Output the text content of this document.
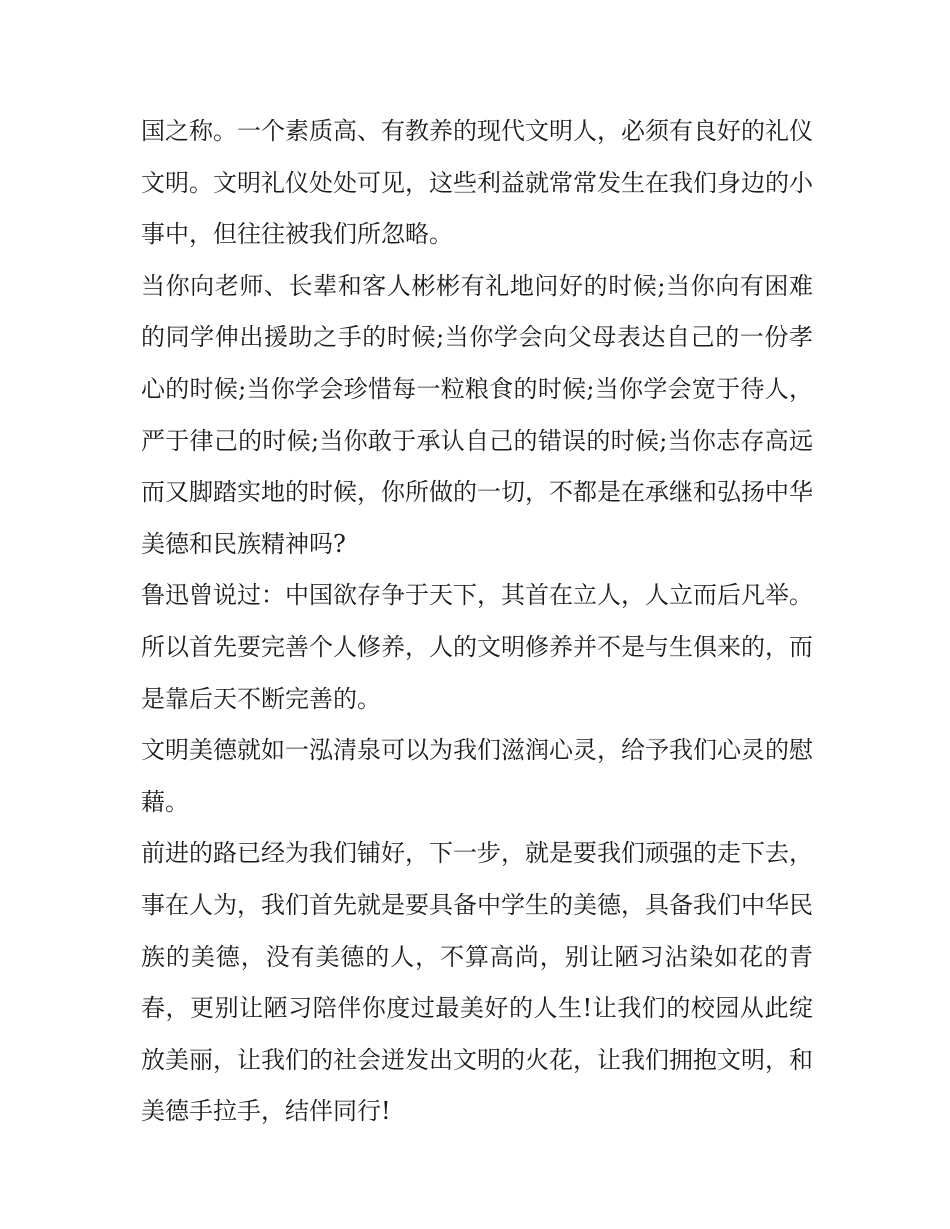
国之称。一个素质高、有教养的现代文明人，必须有良好的礼仪文明。文明礼仪处处可见，这些利益就常常发生在我们身边的小事中，但往往被我们所忽略。

当你向老师、长辈和客人彬彬有礼地问好的时候;当你向有困难的同学伸出援助之手的时候;当你学会向父母表达自己的一份孝心的时候;当你学会珍惜每一粒粮食的时候;当你学会宽于待人，严于律己的时候;当你敢于承认自己的错误的时候;当你志存高远而又脚踏实地的时候，你所做的一切，不都是在承继和弘扬中华美德和民族精神吗?

鲁迅曾说过：中国欲存争于天下，其首在立人，人立而后凡举。所以首先要完善个人修养，人的文明修养并不是与生俱来的，而是靠后天不断完善的。

文明美德就如一泓清泉可以为我们滋润心灵，给予我们心灵的慰藉。

前进的路已经为我们铺好，下一步，就是要我们顽强的走下去，事在人为，我们首先就是要具备中学生的美德，具备我们中华民族的美德，没有美德的人，不算高尚，别让陋习沾染如花的青春，更别让陋习陪伴你度过最美好的人生!让我们的校园从此绽放美丽，让我们的社会迸发出文明的火花，让我们拥抱文明，和美德手拉手，结伴同行!
